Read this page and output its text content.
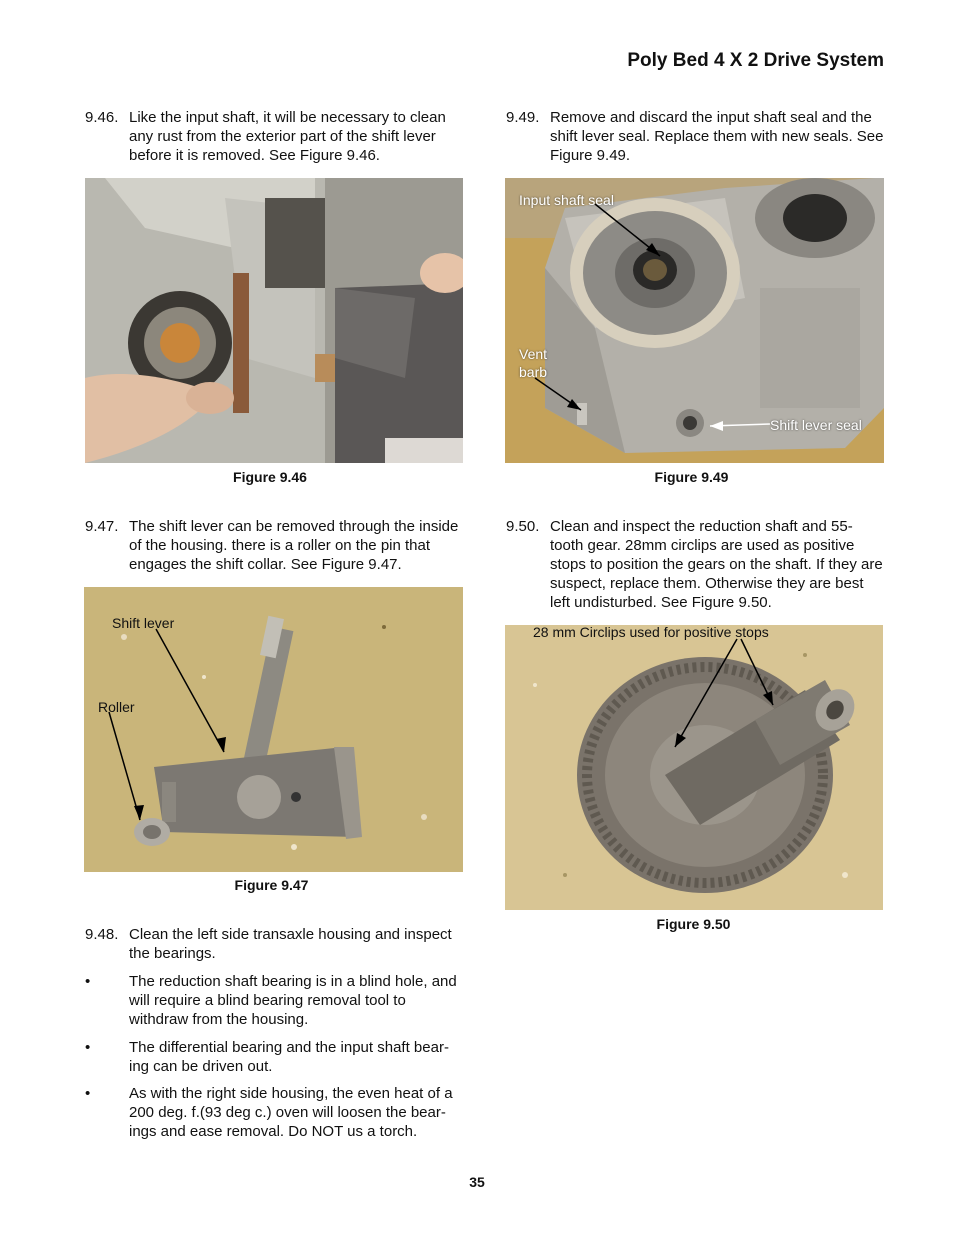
Poly Bed 4 X 2 Drive System
9.46. Like the input shaft, it will be necessary to clean any rust from the exterior part of the shift lever before it is removed. See Figure 9.46.
Figure 9.46
9.47. The shift lever can be removed through the inside of the housing. there is a roller on the pin that engages the shift collar. See Figure 9.47.
Shift lever
Roller
Figure 9.47
9.48. Clean the left side transaxle housing and inspect the bearings.
•	The reduction shaft bearing is in a blind hole, and will require a blind bearing removal tool to withdraw from the housing.
•	The differential bearing and the input shaft bear-ing can be driven out.
•	As with the right side housing, the even heat of a 200 deg. f.(93 deg c.) oven will loosen the bear-ings and ease removal. Do NOT us a torch.
9.49. Remove and discard the input shaft seal and the shift lever seal. Replace them with new seals. See Figure 9.49.
Input shaft seal
Vent
barb
Shift lever seal
Figure 9.49
9.50. Clean and inspect the reduction shaft and 55-tooth gear. 28mm circlips are used as positive stops to position the gears on the shaft. If they are suspect, replace them. Otherwise they are best left undisturbed. See Figure 9.50.
28 mm Circlips used for positive stops
Figure 9.50
35
